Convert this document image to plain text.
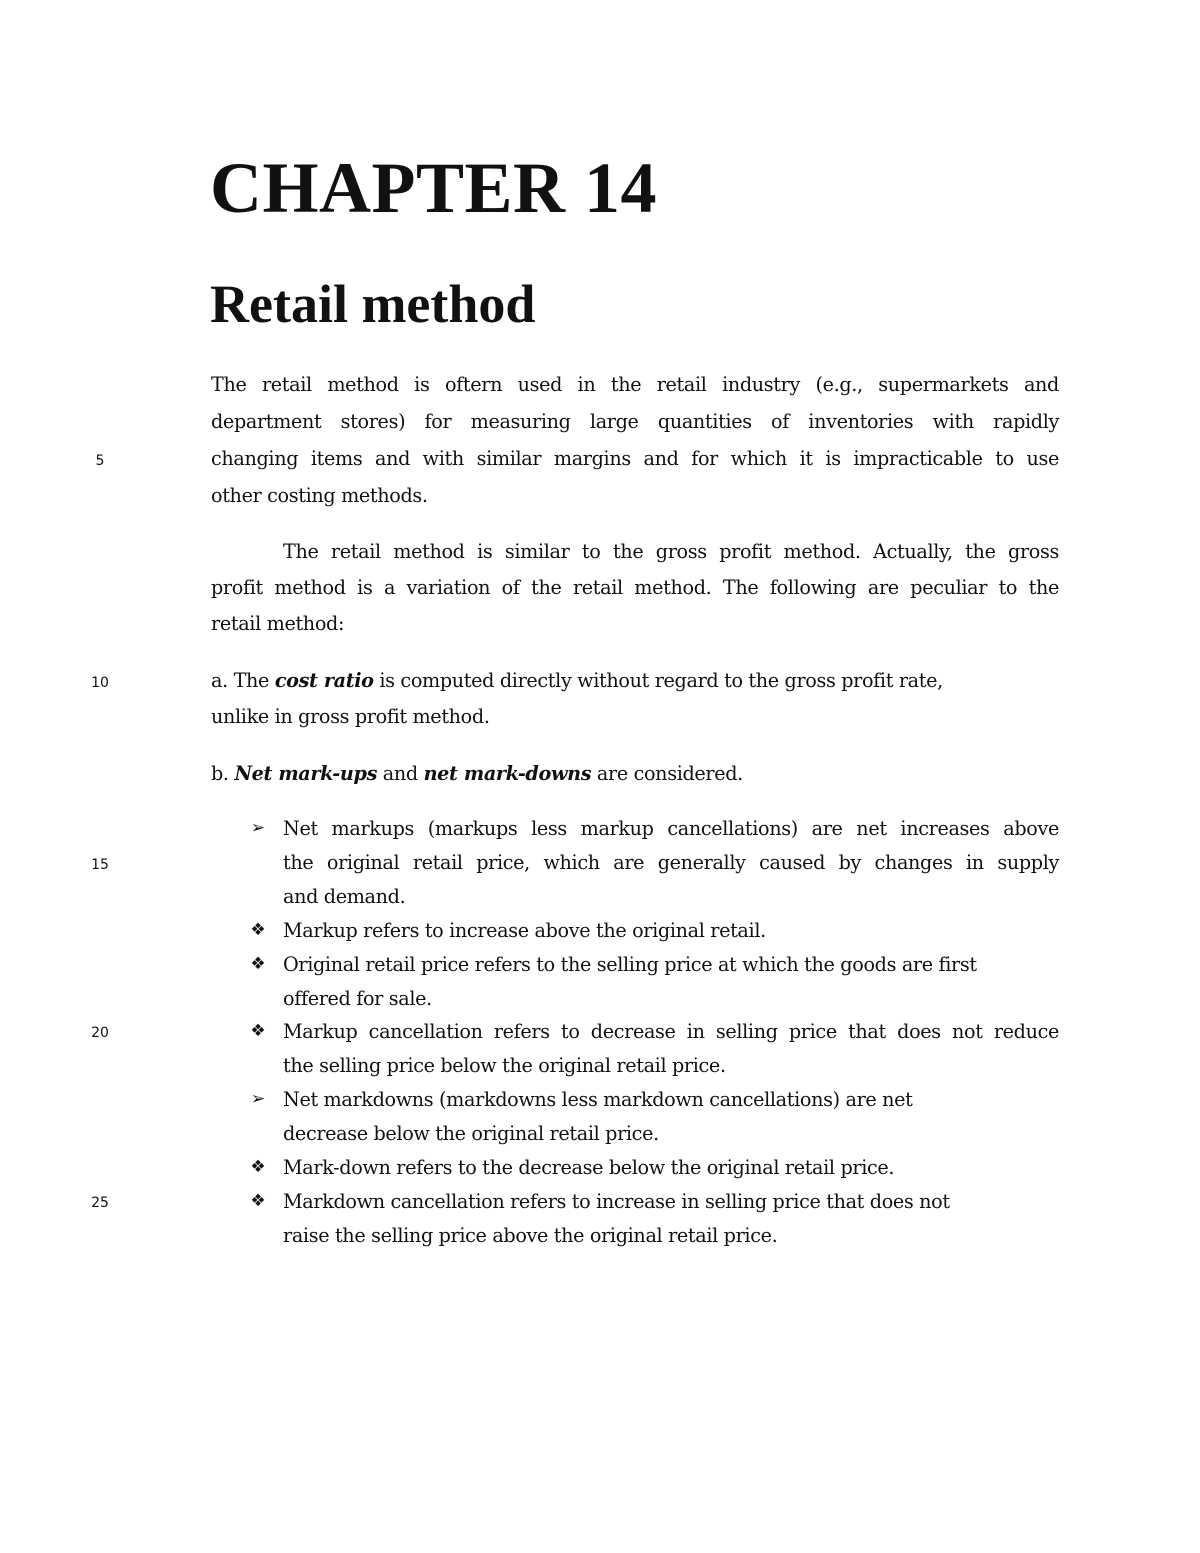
CHAPTER 14
Retail method
5
10
15
20
25
The retail method is oftern used in the retail industry (e.g., supermarkets and
department stores) for measuring large quantities of inventories with rapidly
changing items and with similar margins and for which it is impracticable to use
other costing methods.
The retail method is similar to the gross profit method. Actually, the gross
profit method is a variation of the retail method. The following are peculiar to the
retail method:
a. The cost ratio is computed directly without regard to the gross profit rate,
unlike in gross profit method.
b. Net mark-ups and net mark-downs are considered.
➢ Net markups (markups less markup cancellations) are net increases above
the original retail price, which are generally caused by changes in supply
and demand.
❖ Markup refers to increase above the original retail.
❖ Original retail price refers to the selling price at which the goods are first
offered for sale.
❖ Markup cancellation refers to decrease in selling price that does not reduce
the selling price below the original retail price.
➢ Net markdowns (markdowns less markdown cancellations) are net
decrease below the original retail price.
❖ Mark-down refers to the decrease below the original retail price.
❖ Markdown cancellation refers to increase in selling price that does not
raise the selling price above the original retail price.
